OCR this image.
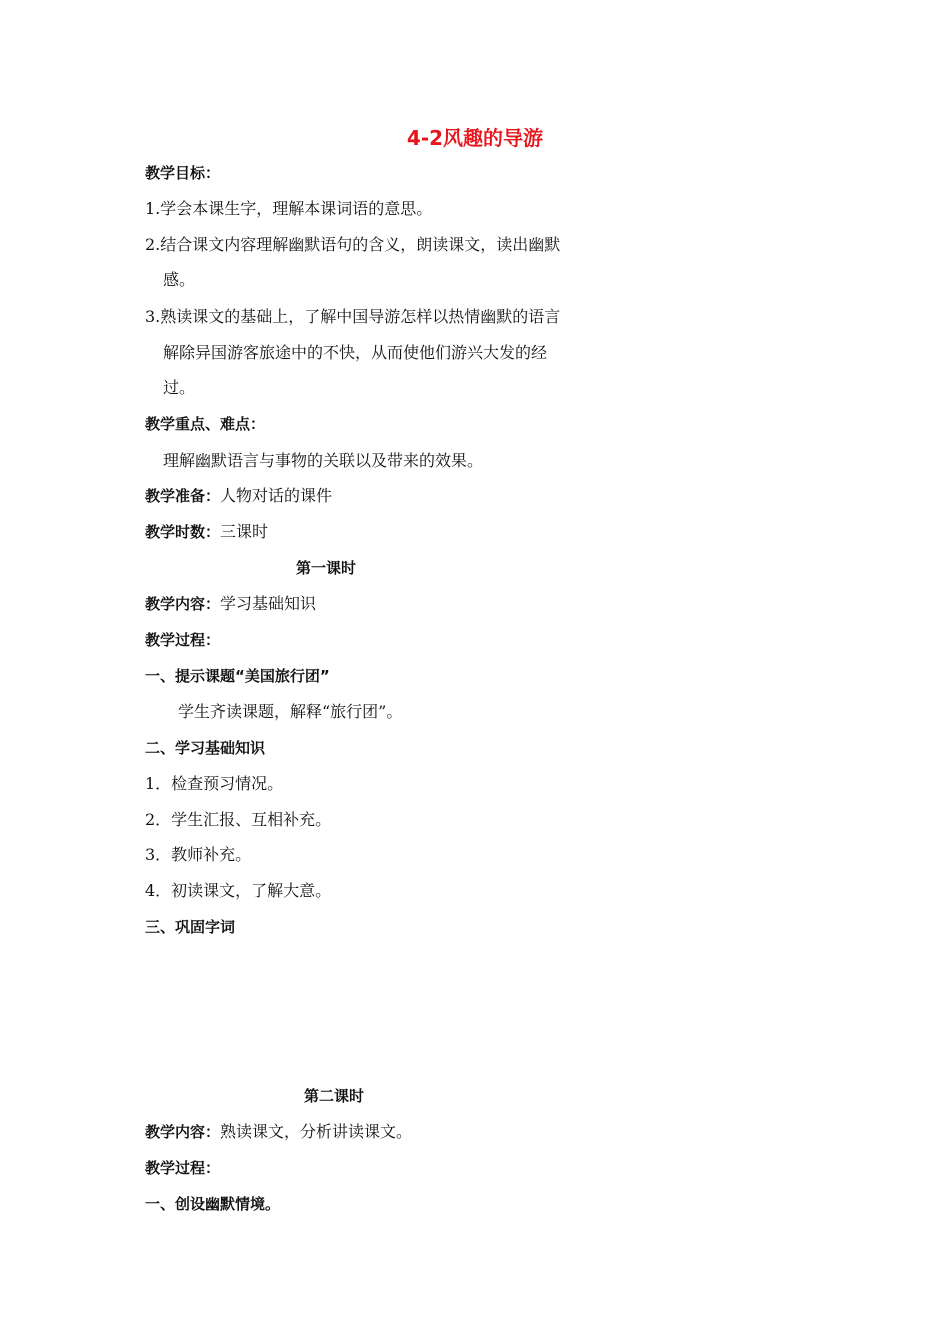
4-2风趣的导游
教学目标：
1.学会本课生字，理解本课词语的意思。
2.结合课文内容理解幽默语句的含义，朗读课文，读出幽默
感。
3.熟读课文的基础上，了解中国导游怎样以热情幽默的语言
解除异国游客旅途中的不快，从而使他们游兴大发的经
过。
教学重点、难点：
理解幽默语言与事物的关联以及带来的效果。
教学准备：人物对话的课件
教学时数：三课时
第一课时
教学内容：学习基础知识
教学过程：
一、提示课题“美国旅行团”
学生齐读课题，解释“旅行团”。
二、学习基础知识
1．检查预习情况。
2．学生汇报、互相补充。
3．教师补充。
4．初读课文，了解大意。
三、巩固字词
第二课时
教学内容：熟读课文，分析讲读课文。
教学过程：
一、创设幽默情境。
